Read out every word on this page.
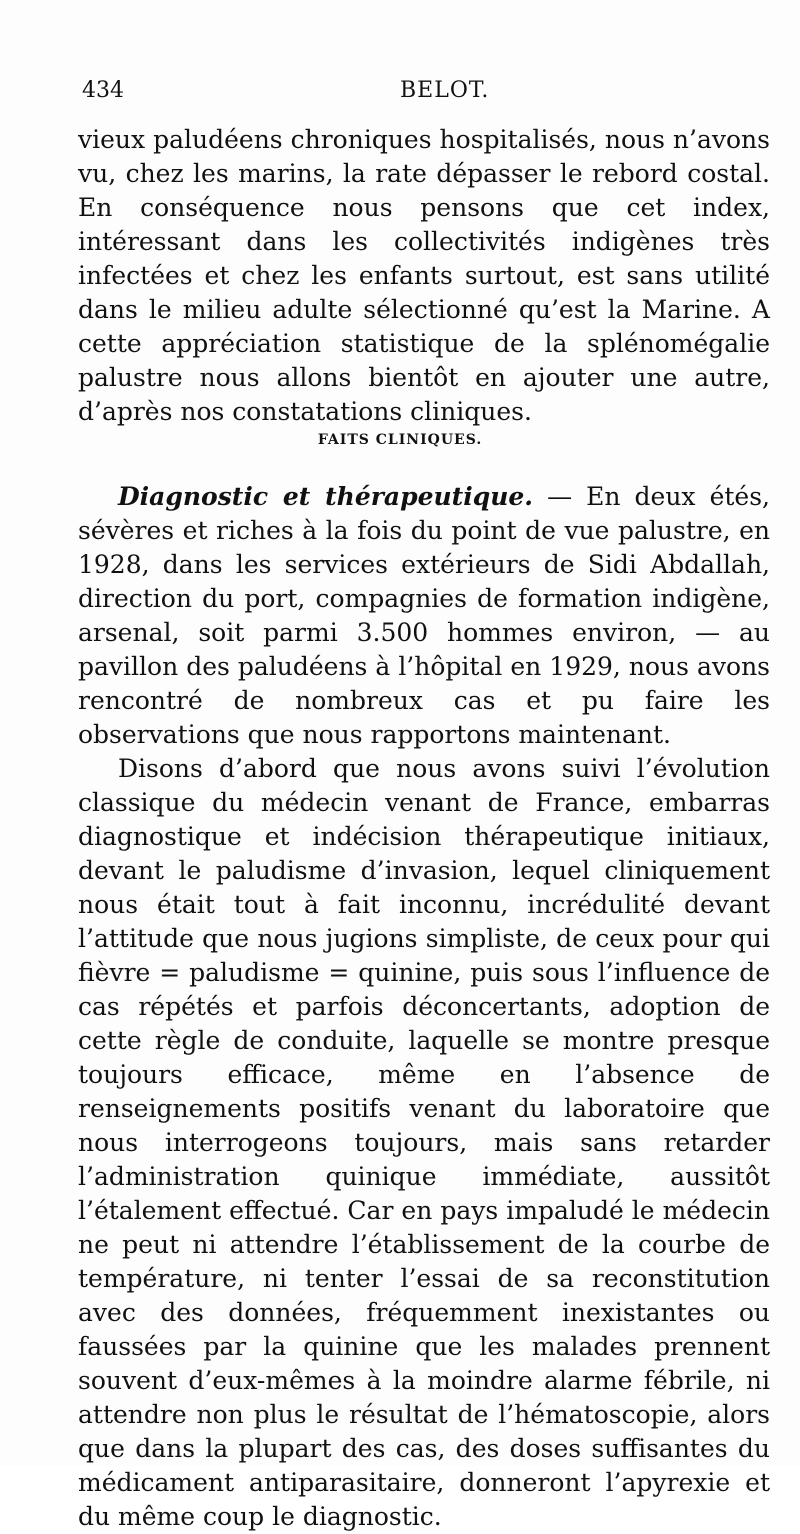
434	BELOT.

vieux paludéens chroniques hospitalisés, nous n’avons vu, chez les marins, la rate dépasser le rebord costal. En conséquence nous pensons que cet index, intéressant dans les collectivités indigènes très infectées et chez les enfants surtout, est sans utilité dans le milieu adulte sélectionné qu’est la Marine. A cette appréciation statistique de la splénomégalie palustre nous allons bientôt en ajouter une autre, d’après nos constatations cliniques.

FAITS CLINIQUES.

Diagnostic et thérapeutique. — En deux étés, sévères et riches à la fois du point de vue palustre, en 1928, dans les services extérieurs de Sidi Abdallah, direction du port, compagnies de formation indigène, arsenal, soit parmi 3.500 hommes environ, — au pavillon des paludéens à l’hôpital en 1929, nous avons rencontré de nombreux cas et pu faire les observations que nous rapportons maintenant.

Disons d’abord que nous avons suivi l’évolution classique du médecin venant de France, embarras diagnostique et indécision thérapeutique initiaux, devant le paludisme d’invasion, lequel cliniquement nous était tout à fait inconnu, incrédulité devant l’attitude que nous jugions simpliste, de ceux pour qui fièvre = paludisme = quinine, puis sous l’influence de cas répétés et parfois déconcertants, adoption de cette règle de conduite, laquelle se montre presque toujours efficace, même en l’absence de renseignements positifs venant du laboratoire que nous interrogeons toujours, mais sans retarder l’administration quinique immédiate, aussitôt l’étalement effectué. Car en pays impaludé le médecin ne peut ni attendre l’établissement de la courbe de température, ni tenter l’essai de sa reconstitution avec des données, fréquemment inexistantes ou faussées par la quinine que les malades prennent souvent d’eux-mêmes à la moindre alarme fébrile, ni attendre non plus le résultat de l’hématoscopie, alors que dans la plupart des cas, des doses suffisantes du médicament antiparasitaire, donneront l’apyrexie et du même coup le diagnostic.
